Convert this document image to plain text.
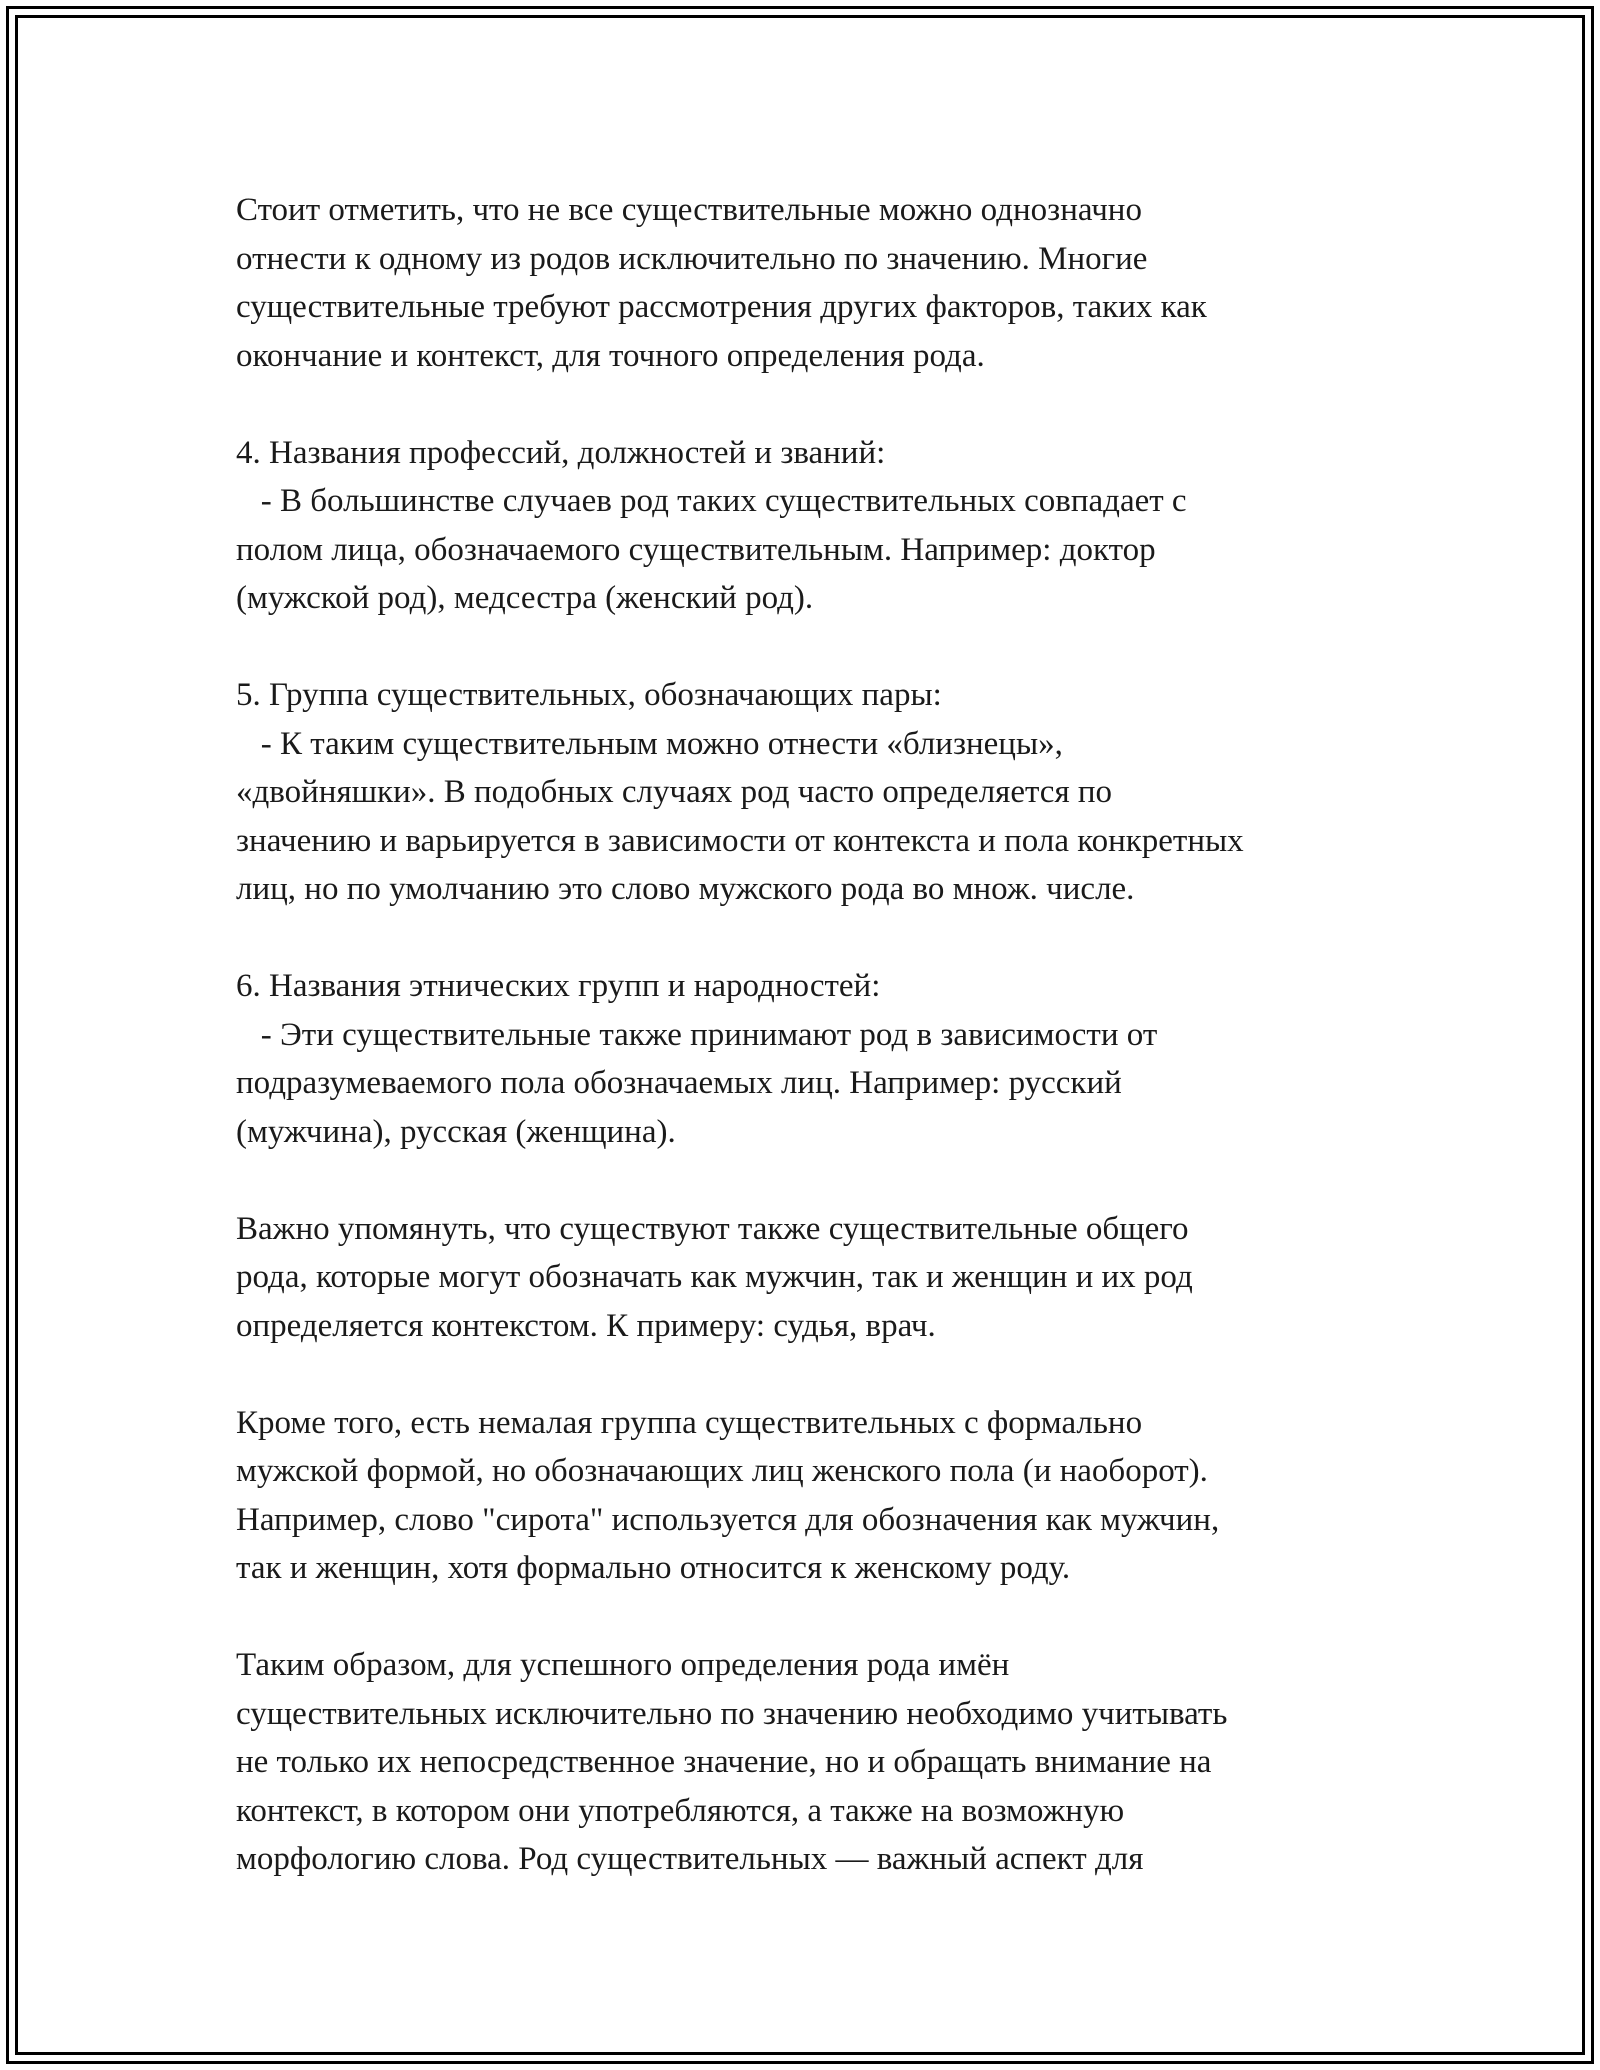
Стоит отметить, что не все существительные можно однозначно
отнести к одному из родов исключительно по значению. Многие
существительные требуют рассмотрения других факторов, таких как
окончание и контекст, для точного определения рода.
4. Названия профессий, должностей и званий:
- В большинстве случаев род таких существительных совпадает с
полом лица, обозначаемого существительным. Например: доктор
(мужской род), медсестра (женский род).
5. Группа существительных, обозначающих пары:
- К таким существительным можно отнести «близнецы»,
«двойняшки». В подобных случаях род часто определяется по
значению и варьируется в зависимости от контекста и пола конкретных
лиц, но по умолчанию это слово мужского рода во множ. числе.
6. Названия этнических групп и народностей:
- Эти существительные также принимают род в зависимости от
подразумеваемого пола обозначаемых лиц. Например: русский
(мужчина), русская (женщина).
Важно упомянуть, что существуют также существительные общего
рода, которые могут обозначать как мужчин, так и женщин и их род
определяется контекстом. К примеру: судья, врач.
Кроме того, есть немалая группа существительных с формально
мужской формой, но обозначающих лиц женского пола (и наоборот).
Например, слово "сирота" используется для обозначения как мужчин,
так и женщин, хотя формально относится к женскому роду.
Таким образом, для успешного определения рода имён
существительных исключительно по значению необходимо учитывать
не только их непосредственное значение, но и обращать внимание на
контекст, в котором они употребляются, а также на возможную
морфологию слова. Род существительных — важный аспект для
